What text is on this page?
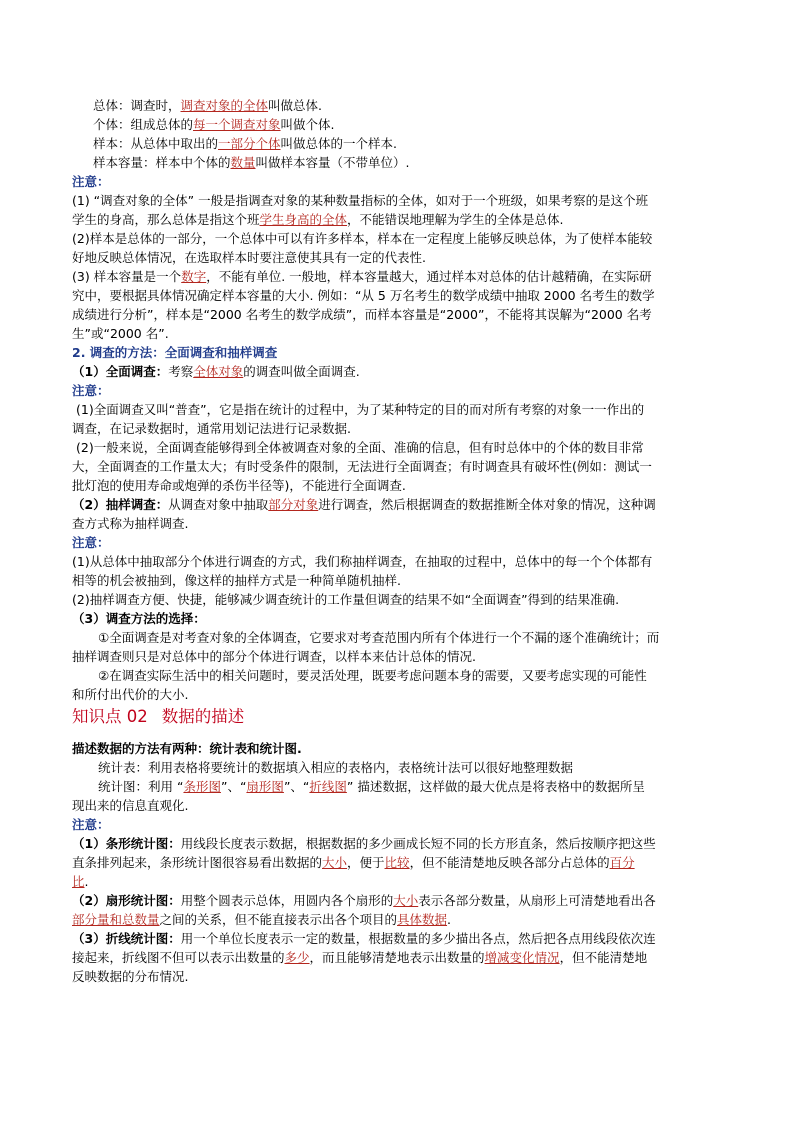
总体：调查时，调查对象的全体叫做总体.
个体：组成总体的每一个调查对象叫做个体.
样本：从总体中取出的一部分个体叫做总体的一个样本.
样本容量：样本中个体的数量叫做样本容量（不带单位）.
注意：
(1) “调查对象的全体” 一般是指调查对象的某种数量指标的全体，如对于一个班级，如果考察的是这个班
学生的身高，那么总体是指这个班学生身高的全体，不能错误地理解为学生的全体是总体.
(2)样本是总体的一部分，一个总体中可以有许多样本，样本在一定程度上能够反映总体，为了使样本能较
好地反映总体情况，在选取样本时要注意使其具有一定的代表性.
(3) 样本容量是一个数字，不能有单位. 一般地，样本容量越大，通过样本对总体的估计越精确，在实际研
究中，要根据具体情况确定样本容量的大小. 例如：“从 5 万名考生的数学成绩中抽取 2000 名考生的数学
成绩进行分析”，样本是“2000 名考生的数学成绩”，而样本容量是“2000”，不能将其误解为“2000 名考
生”或“2000 名”.
2. 调查的方法：全面调查和抽样调查
（1）全面调查：考察全体对象的调查叫做全面调查.
注意：
(1)全面调查又叫“普查”，它是指在统计的过程中，为了某种特定的目的而对所有考察的对象一一作出的
调查，在记录数据时，通常用划记法进行记录数据.
(2)一般来说，全面调查能够得到全体被调查对象的全面、准确的信息，但有时总体中的个体的数目非常
大，全面调查的工作量太大；有时受条件的限制，无法进行全面调查；有时调查具有破坏性(例如：测试一
批灯泡的使用寿命或炮弹的杀伤半径等)，不能进行全面调查.
（2）抽样调查：从调查对象中抽取部分对象进行调查，然后根据调查的数据推断全体对象的情况，这种调
查方式称为抽样调查.
注意：
(1)从总体中抽取部分个体进行调查的方式，我们称抽样调查，在抽取的过程中，总体中的每一个个体都有
相等的机会被抽到，像这样的抽样方式是一种简单随机抽样.
(2)抽样调查方便、快捷，能够减少调查统计的工作量但调查的结果不如“全面调查”得到的结果准确.
（3）调查方法的选择：
①全面调查是对考查对象的全体调查，它要求对考查范围内所有个体进行一个不漏的逐个准确统计；而
抽样调查则只是对总体中的部分个体进行调查，以样本来估计总体的情况.
②在调查实际生活中的相关问题时，要灵活处理，既要考虑问题本身的需要，又要考虑实现的可能性
和所付出代价的大小.
知识点 02 数据的描述
描述数据的方法有两种：统计表和统计图.
统计表：利用表格将要统计的数据填入相应的表格内，表格统计法可以很好地整理数据
统计图：利用 “条形图”、“扇形图”、“折线图” 描述数据，这样做的最大优点是将表格中的数据所呈
现出来的信息直观化.
注意：
（1）条形统计图：用线段长度表示数据，根据数据的多少画成长短不同的长方形直条，然后按顺序把这些
直条排列起来，条形统计图很容易看出数据的大小，便于比较，但不能清楚地反映各部分占总体的百分
比.
（2）扇形统计图：用整个圆表示总体，用圆内各个扇形的大小表示各部分数量，从扇形上可清楚地看出各
部分量和总数量之间的关系，但不能直接表示出各个项目的具体数据.
（3）折线统计图：用一个单位长度表示一定的数量，根据数量的多少描出各点，然后把各点用线段依次连
接起来，折线图不但可以表示出数量的多少，而且能够清楚地表示出数量的增减变化情况，但不能清楚地
反映数据的分布情况.
